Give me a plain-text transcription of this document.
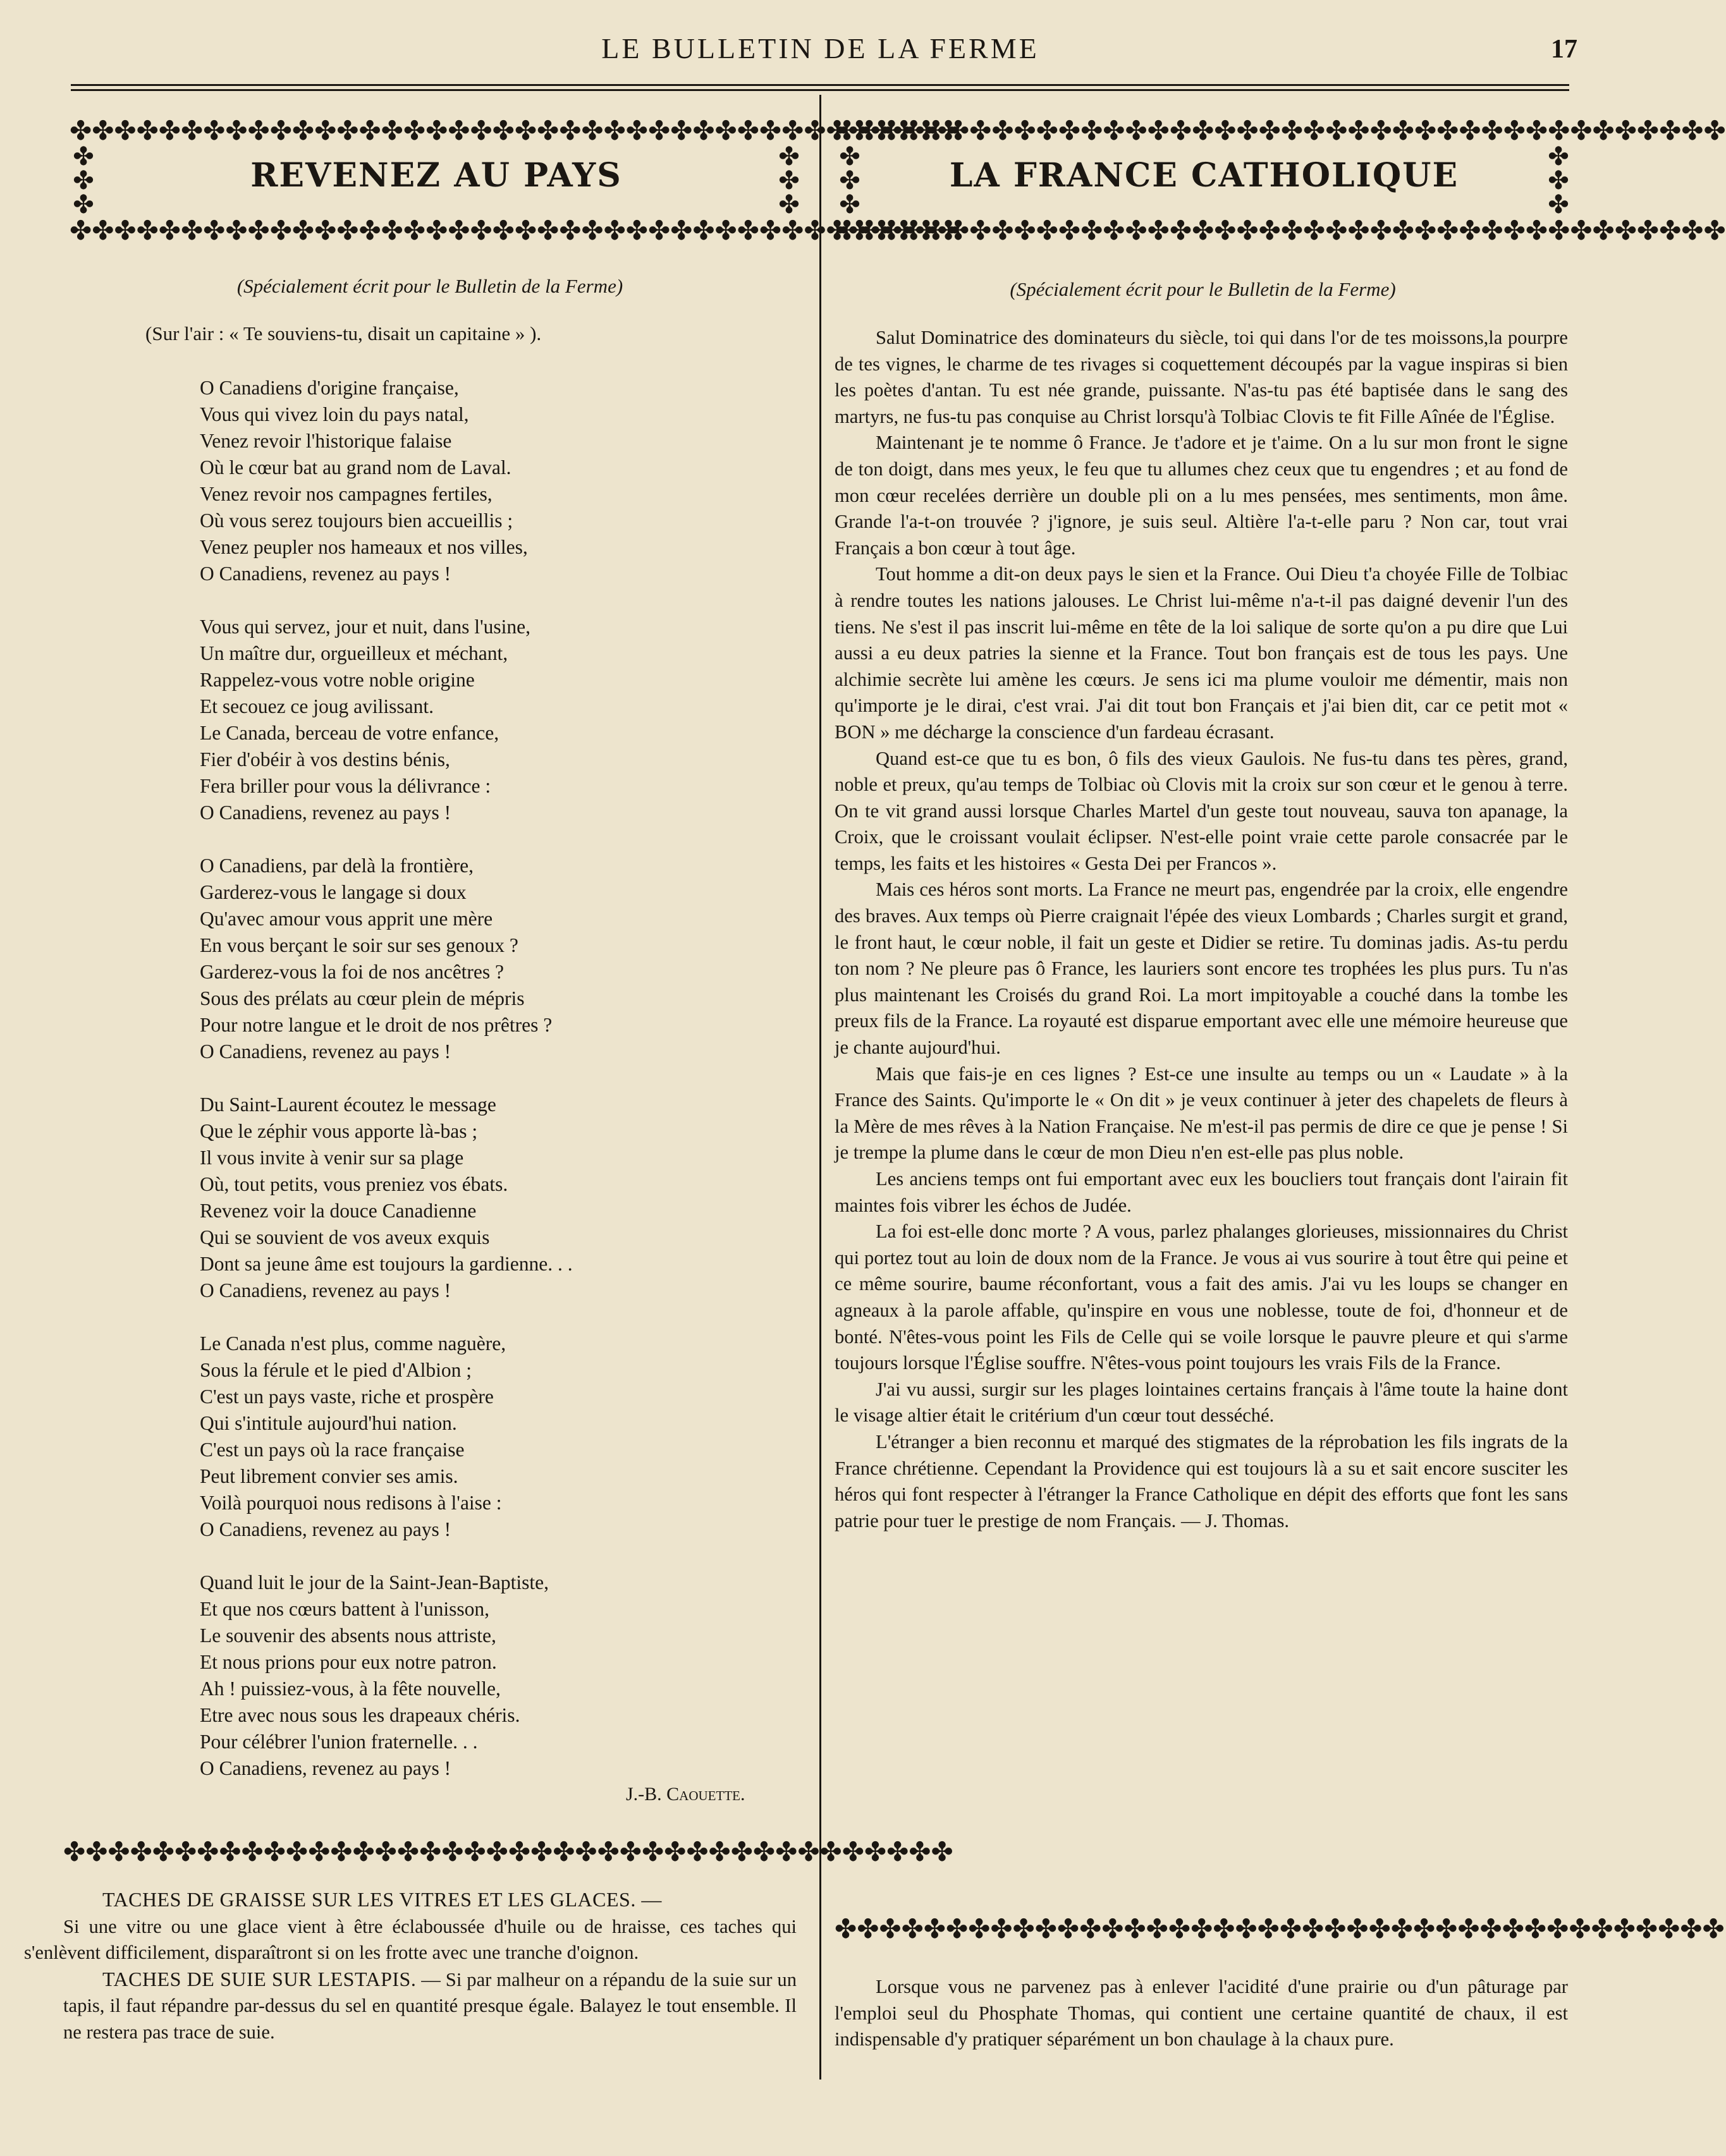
LE BULLETIN DE LA FERME	17
✤✤✤✤✤✤✤✤✤✤✤✤✤✤✤✤✤✤✤✤✤✤✤✤✤✤✤✤✤✤✤✤✤✤✤✤✤✤✤✤
✤
✤
✤
✤
✤
✤
REVENEZ AU PAYS
✤✤✤✤✤✤✤✤✤✤✤✤✤✤✤✤✤✤✤✤✤✤✤✤✤✤✤✤✤✤✤✤✤✤✤✤✤✤✤✤
(Spécialement écrit pour le Bulletin de la Ferme)
(Sur l'air : « Te souviens-tu, disait un capitaine » ).
O Canadiens d'origine française,
Vous qui vivez loin du pays natal,
Venez revoir l'historique falaise
Où le cœur bat au grand nom de Laval.
Venez revoir nos campagnes fertiles,
Où vous serez toujours bien accueillis ;
Venez peupler nos hameaux et nos villes,
O Canadiens, revenez au pays !
Vous qui servez, jour et nuit, dans l'usine,
Un maître dur, orgueilleux et méchant,
Rappelez-vous votre noble origine
Et secouez ce joug avilissant.
Le Canada, berceau de votre enfance,
Fier d'obéir à vos destins bénis,
Fera briller pour vous la délivrance :
O Canadiens, revenez au pays !
O Canadiens, par delà la frontière,
Garderez-vous le langage si doux
Qu'avec amour vous apprit une mère
En vous berçant le soir sur ses genoux ?
Garderez-vous la foi de nos ancêtres ?
Sous des prélats au cœur plein de mépris
Pour notre langue et le droit de nos prêtres ?
O Canadiens, revenez au pays !
Du Saint-Laurent écoutez le message
Que le zéphir vous apporte là-bas ;
Il vous invite à venir sur sa plage
Où, tout petits, vous preniez vos ébats.
Revenez voir la douce Canadienne
Qui se souvient de vos aveux exquis
Dont sa jeune âme est toujours la gardienne. . .
O Canadiens, revenez au pays !
Le Canada n'est plus, comme naguère,
Sous la férule et le pied d'Albion ;
C'est un pays vaste, riche et prospère
Qui s'intitule aujourd'hui nation.
C'est un pays où la race française
Peut librement convier ses amis.
Voilà pourquoi nous redisons à l'aise :
O Canadiens, revenez au pays !
Quand luit le jour de la Saint-Jean-Baptiste,
Et que nos cœurs battent à l'unisson,
Le souvenir des absents nous attriste,
Et nous prions pour eux notre patron.
Ah ! puissiez-vous, à la fête nouvelle,
Etre avec nous sous les drapeaux chéris.
Pour célébrer l'union fraternelle. . .
O Canadiens, revenez au pays !
J.-B. Caouette.
✤✤✤✤✤✤✤✤✤✤✤✤✤✤✤✤✤✤✤✤✤✤✤✤✤✤✤✤✤✤✤✤✤✤✤✤✤✤✤✤

TACHES DE GRAISSE SUR LES VITRES ET LES GLACES. —
Si une vitre ou une glace vient à être éclaboussée d'huile ou de hraisse, ces taches qui s'enlèvent difficilement, disparaîtront si on les frotte avec une tranche d'oignon.

TACHES DE SUIE SUR LESTAPIS. — Si par malheur on a répandu de la suie sur un tapis, il faut répandre par-dessus du sel en quantité presque égale. Balayez le tout ensemble. Il ne restera pas trace de suie.

✤✤✤✤✤✤✤✤✤✤✤✤✤✤✤✤✤✤✤✤✤✤✤✤✤✤✤✤✤✤✤✤✤✤✤✤✤✤✤✤
✤
✤
✤
✤
✤
✤
LA FRANCE CATHOLIQUE
✤✤✤✤✤✤✤✤✤✤✤✤✤✤✤✤✤✤✤✤✤✤✤✤✤✤✤✤✤✤✤✤✤✤✤✤✤✤✤✤
(Spécialement écrit pour le Bulletin de la Ferme)

Salut Dominatrice des dominateurs du siècle, toi qui dans l'or de tes moissons,la pourpre de tes vignes, le charme de tes rivages si coquettement découpés par la vague inspiras si bien les poètes d'antan. Tu est née grande, puissante. N'as-tu pas été baptisée dans le sang des martyrs, ne fus-tu pas conquise au Christ lorsqu'à Tolbiac Clovis te fit Fille Aînée de l'Église.

Maintenant je te nomme ô France. Je t'adore et je t'aime. On a lu sur mon front le signe de ton doigt, dans mes yeux, le feu que tu allumes chez ceux que tu engendres ; et au fond de mon cœur recelées derrière un double pli on a lu mes pensées, mes sentiments, mon âme. Grande l'a-t-on trouvée ? j'ignore, je suis seul. Altière l'a-t-elle paru ? Non car, tout vrai Français a bon cœur à tout âge.

Tout homme a dit-on deux pays le sien et la France. Oui Dieu t'a choyée Fille de Tolbiac à rendre toutes les nations jalouses. Le Christ lui-même n'a-t-il pas daigné devenir l'un des tiens. Ne s'est il pas inscrit lui-même en tête de la loi salique de sorte qu'on a pu dire que Lui aussi a eu deux patries la sienne et la France. Tout bon français est de tous les pays. Une alchimie secrète lui amène les cœurs. Je sens ici ma plume vouloir me démentir, mais non qu'importe je le dirai, c'est vrai. J'ai dit tout bon Français et j'ai bien dit, car ce petit mot « BON » me décharge la conscience d'un fardeau écrasant.

Quand est-ce que tu es bon, ô fils des vieux Gaulois. Ne fus-tu dans tes pères, grand, noble et preux, qu'au temps de Tolbiac où Clovis mit la croix sur son cœur et le genou à terre. On te vit grand aussi lorsque Charles Martel d'un geste tout nouveau, sauva ton apanage, la Croix, que le croissant voulait éclipser. N'est-elle point vraie cette parole consacrée par le temps, les faits et les histoires « Gesta Dei per Francos ».

Mais ces héros sont morts. La France ne meurt pas, engendrée par la croix, elle engendre des braves. Aux temps où Pierre craignait l'épée des vieux Lombards ; Charles surgit et grand, le front haut, le cœur noble, il fait un geste et Didier se retire. Tu dominas jadis. As-tu perdu ton nom ? Ne pleure pas ô France, les lauriers sont encore tes trophées les plus purs. Tu n'as plus maintenant les Croisés du grand Roi. La mort impitoyable a couché dans la tombe les preux fils de la France. La royauté est disparue emportant avec elle une mémoire heureuse que je chante aujourd'hui.

Mais que fais-je en ces lignes ? Est-ce une insulte au temps ou un « Laudate » à la France des Saints. Qu'importe le « On dit » je veux continuer à jeter des chapelets de fleurs à la Mère de mes rêves à la Nation Française. Ne m'est-il pas permis de dire ce que je pense ! Si je trempe la plume dans le cœur de mon Dieu n'en est-elle pas plus noble.

Les anciens temps ont fui emportant avec eux les boucliers tout français dont l'airain fit maintes fois vibrer les échos de Judée.

La foi est-elle donc morte ? A vous, parlez phalanges glorieuses, missionnaires du Christ qui portez tout au loin de doux nom de la France. Je vous ai vus sourire à tout être qui peine et ce même sourire, baume réconfortant, vous a fait des amis. J'ai vu les loups se changer en agneaux à la parole affable, qu'inspire en vous une noblesse, toute de foi, d'honneur et de bonté. N'êtes-vous point les Fils de Celle qui se voile lorsque le pauvre pleure et qui s'arme toujours lorsque l'Église souffre. N'êtes-vous point toujours les vrais Fils de la France.

J'ai vu aussi, surgir sur les plages lointaines certains français à l'âme toute la haine dont le visage altier était le critérium d'un cœur tout desséché.

L'étranger a bien reconnu et marqué des stigmates de la réprobation les fils ingrats de la France chrétienne. Cependant la Providence qui est toujours là a su et sait encore susciter les héros qui font respecter à l'étranger la France Catholique en dépit des efforts que font les sans patrie pour tuer le prestige de nom Français. — J. Thomas.

✤✤✤✤✤✤✤✤✤✤✤✤✤✤✤✤✤✤✤✤✤✤✤✤✤✤✤✤✤✤✤✤✤✤✤✤✤✤✤✤

Lorsque vous ne parvenez pas à enlever l'acidité d'une prairie ou d'un pâturage par l'emploi seul du Phosphate Thomas, qui contient une certaine quantité de chaux, il est indispensable d'y pratiquer séparément un bon chaulage à la chaux pure.
